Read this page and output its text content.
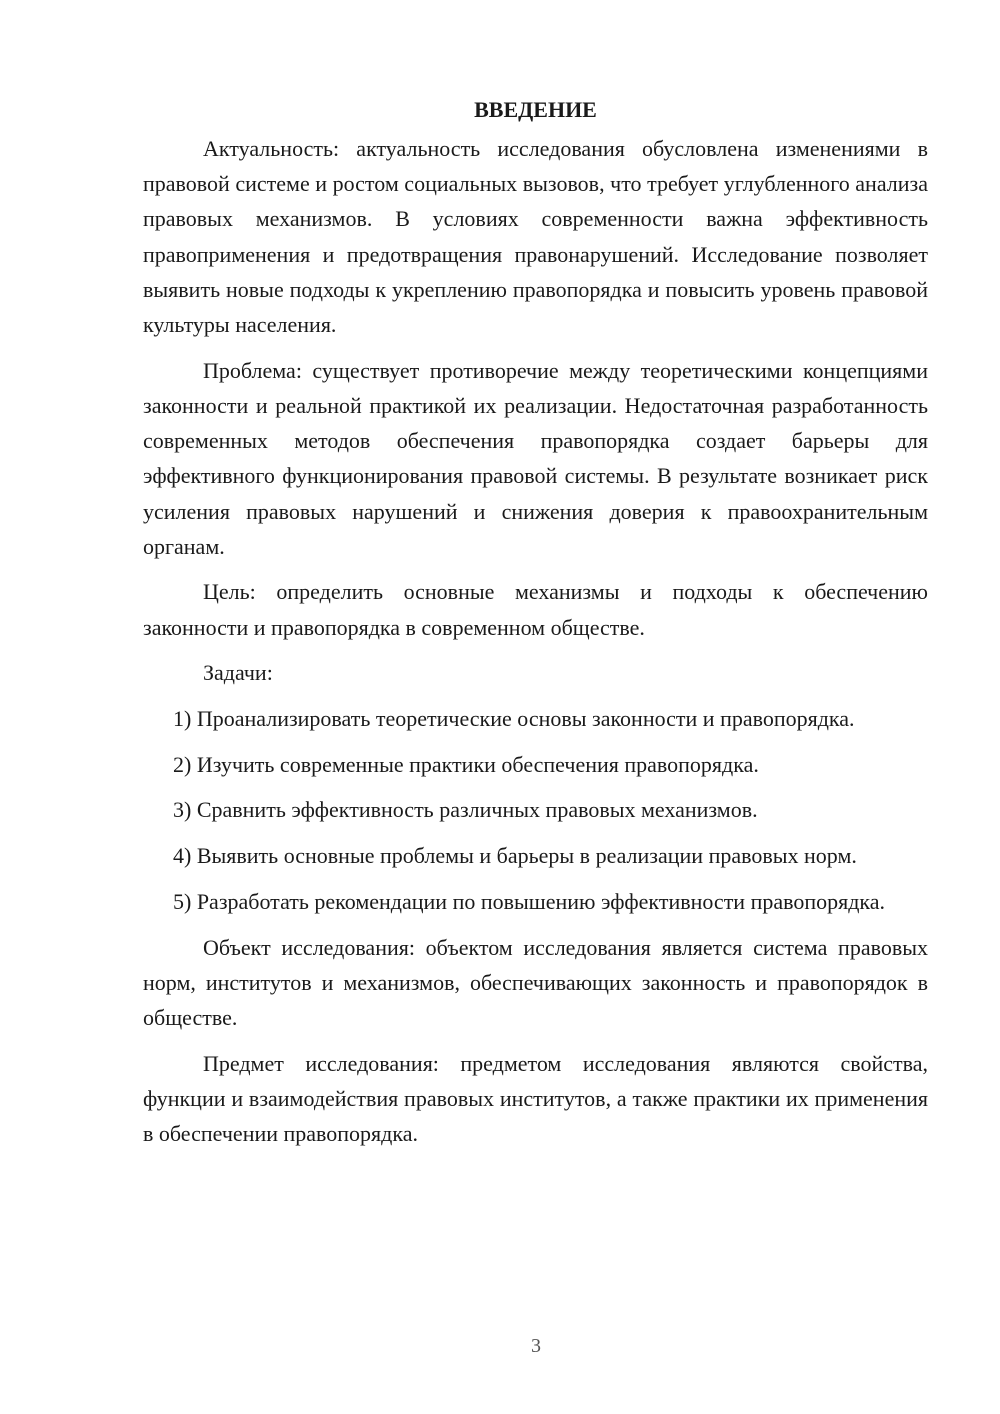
ВВЕДЕНИЕ

Актуальность: актуальность исследования обусловлена изменениями в правовой системе и ростом социальных вызовов, что требует углубленного анализа правовых механизмов. В условиях современности важна эффективность правоприменения и предотвращения правонарушений. Исследование позволяет выявить новые подходы к укреплению правопорядка и повысить уровень правовой культуры населения.

Проблема: существует противоречие между теоретическими концепциями законности и реальной практикой их реализации. Недостаточная разработанность современных методов обеспечения правопорядка создает барьеры для эффективного функционирования правовой системы. В результате возникает риск усиления правовых нарушений и снижения доверия к правоохранительным органам.

Цель: определить основные механизмы и подходы к обеспечению законности и правопорядка в современном обществе.

Задачи:

1) Проанализировать теоретические основы законности и правопорядка.

2) Изучить современные практики обеспечения правопорядка.

3) Сравнить эффективность различных правовых механизмов.

4) Выявить основные проблемы и барьеры в реализации правовых норм.

5) Разработать рекомендации по повышению эффективности правопорядка.

Объект исследования: объектом исследования является система правовых норм, институтов и механизмов, обеспечивающих законность и правопорядок в обществе.

Предмет исследования: предметом исследования являются свойства, функции и взаимодействия правовых институтов, а также практики их применения в обеспечении правопорядка.

3
